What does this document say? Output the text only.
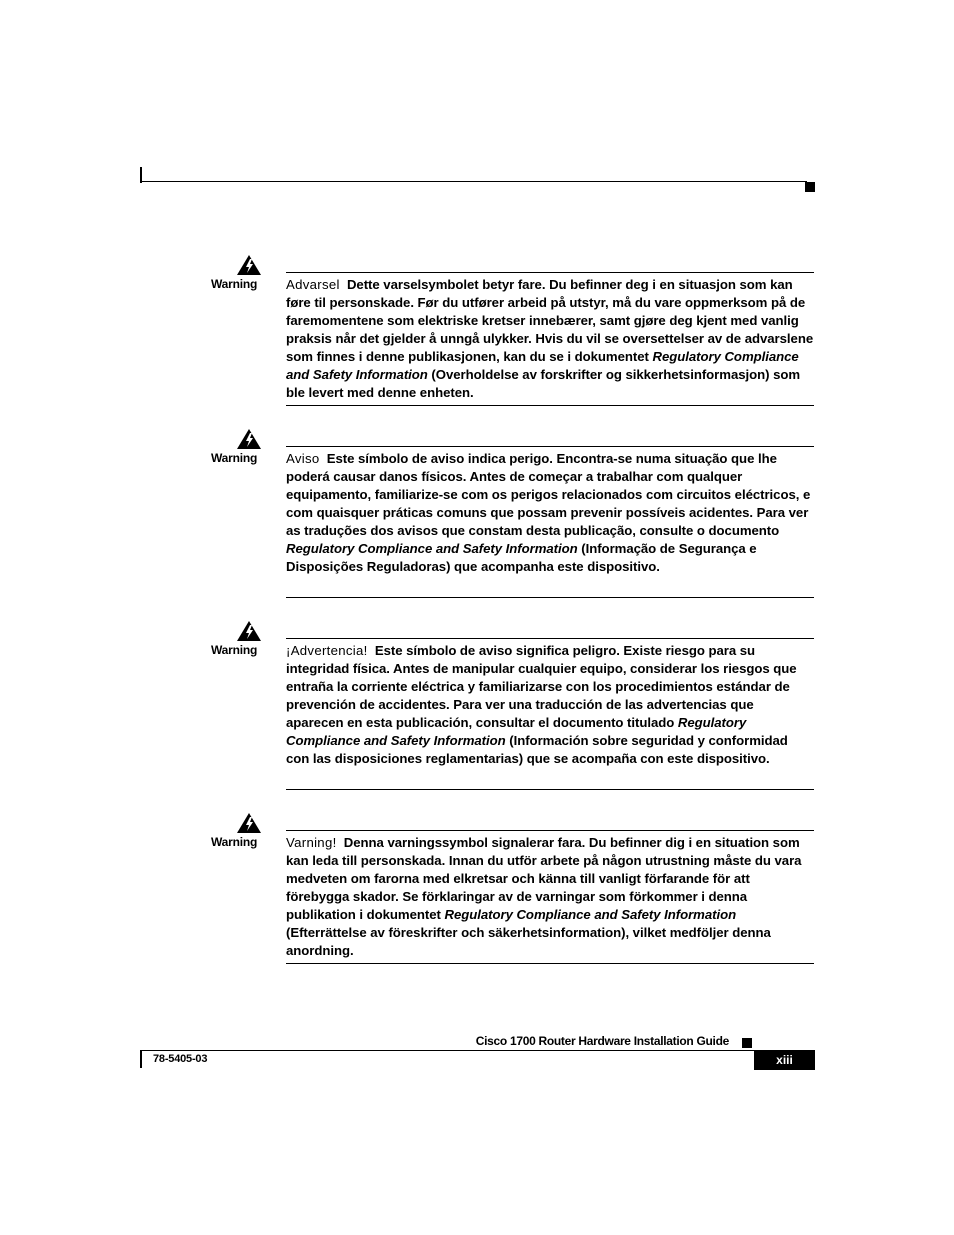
Warning	Advarsel Dette varselsymbolet betyr fare. Du befinner deg i en situasjon som kan føre til personskade. Før du utfører arbeid på utstyr, må du vare oppmerksom på de faremomentene som elektriske kretser innebærer, samt gjøre deg kjent med vanlig praksis når det gjelder å unngå ulykker. Hvis du vil se oversettelser av de advarslene som finnes i denne publikasjonen, kan du se i dokumentet Regulatory Compliance and Safety Information (Overholdelse av forskrifter og sikkerhetsinformasjon) som ble levert med denne enheten.
Warning	Aviso Este símbolo de aviso indica perigo. Encontra-se numa situação que lhe poderá causar danos físicos. Antes de começar a trabalhar com qualquer equipamento, familiarize-se com os perigos relacionados com circuitos eléctricos, e com quaisquer práticas comuns que possam prevenir possíveis acidentes. Para ver as traduções dos avisos que constam desta publicação, consulte o documento Regulatory Compliance and Safety Information (Informação de Segurança e Disposições Reguladoras) que acompanha este dispositivo.
Warning	¡Advertencia! Este símbolo de aviso significa peligro. Existe riesgo para su integridad física. Antes de manipular cualquier equipo, considerar los riesgos que entraña la corriente eléctrica y familiarizarse con los procedimientos estándar de prevención de accidentes. Para ver una traducción de las advertencias que aparecen en esta publicación, consultar el documento titulado Regulatory Compliance and Safety Information (Información sobre seguridad y conformidad con las disposiciones reglamentarias) que se acompaña con este dispositivo.
Warning	Varning! Denna varningssymbol signalerar fara. Du befinner dig i en situation som kan leda till personskada. Innan du utför arbete på någon utrustning måste du vara medveten om farorna med elkretsar och känna till vanligt förfarande för att förebygga skador. Se förklaringar av de varningar som förkommer i denna publikation i dokumentet Regulatory Compliance and Safety Information (Efterrättelse av föreskrifter och säkerhetsinformation), vilket medföljer denna anordning.
Cisco 1700 Router Hardware Installation Guide
78-5405-03	xiii
